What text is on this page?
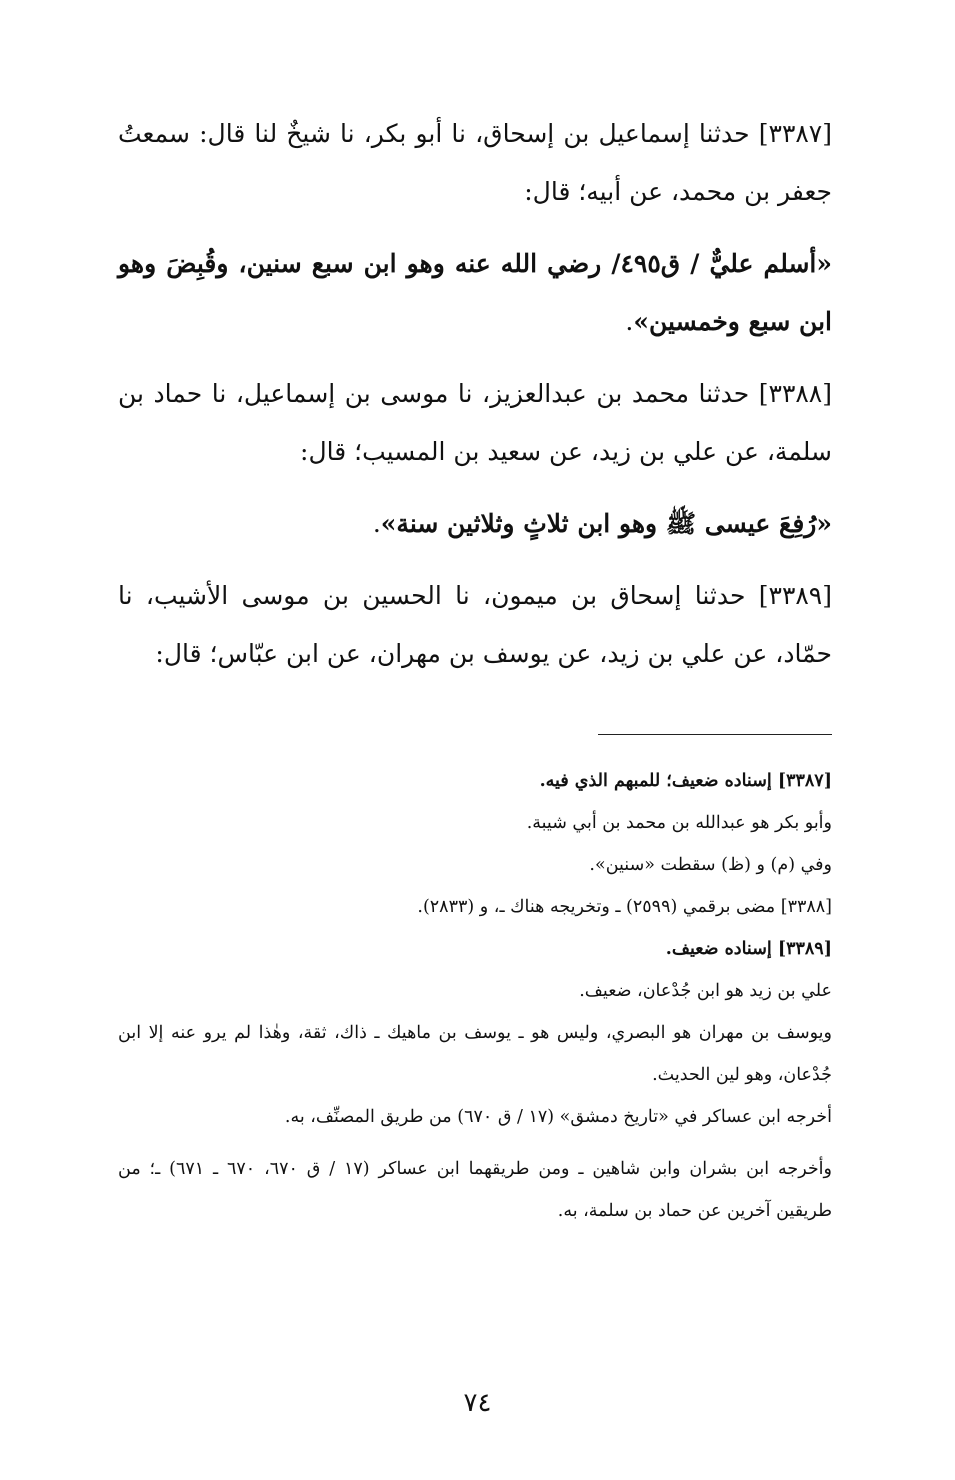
[٣٣٨٧] حدثنا إسماعيل بن إسحاق، نا أبو بكر، نا شيخٌ لنا قال: سمعتُ جعفر بن محمد، عن أبيه؛ قال:

«أسلم عليٌّ / ق٤٩٥/ رضي الله عنه وهو ابن سبع سنين، وقُبِضَ وهو ابن سبع وخمسين».

[٣٣٨٨] حدثنا محمد بن عبدالعزيز، نا موسى بن إسماعيل، نا حماد بن سلمة، عن علي بن زيد، عن سعيد بن المسيب؛ قال:

«رُفِعَ عيسى ﷺ وهو ابن ثلاثٍ وثلاثين سنة».

[٣٣٨٩] حدثنا إسحاق بن ميمون، نا الحسين بن موسى الأشيب، نا حمّاد، عن علي بن زيد، عن يوسف بن مهران، عن ابن عبّاس؛ قال:

[٣٣٨٧] إسناده ضعيف؛ للمبهم الذي فيه.

وأبو بكر هو عبدالله بن محمد بن أبي شيبة.

وفي (م) و (ظ) سقطت «سنين».

[٣٣٨٨] مضى برقمي (٢٥٩٩) ـ وتخريجه هناك ـ، و (٢٨٣٣).

[٣٣٨٩] إسناده ضعيف.

علي بن زيد هو ابن جُدْعان، ضعيف.

ويوسف بن مهران هو البصري، وليس هو ـ يوسف بن ماهيك ـ ذاك، ثقة، وهٰذا لم يرو عنه إلا ابن جُدْعان، وهو لين الحديث.

أخرجه ابن عساكر في «تاريخ دمشق» (١٧ / ق ٦٧٠) من طريق المصنِّف، به.

وأخرجه ابن بشران وابن شاهين ـ ومن طريقهما ابن عساكر (١٧ / ق ٦٧٠، ٦٧٠ ـ ٦٧١) ـ؛ من طريقين آخرين عن حماد بن سلمة، به.

٧٤
